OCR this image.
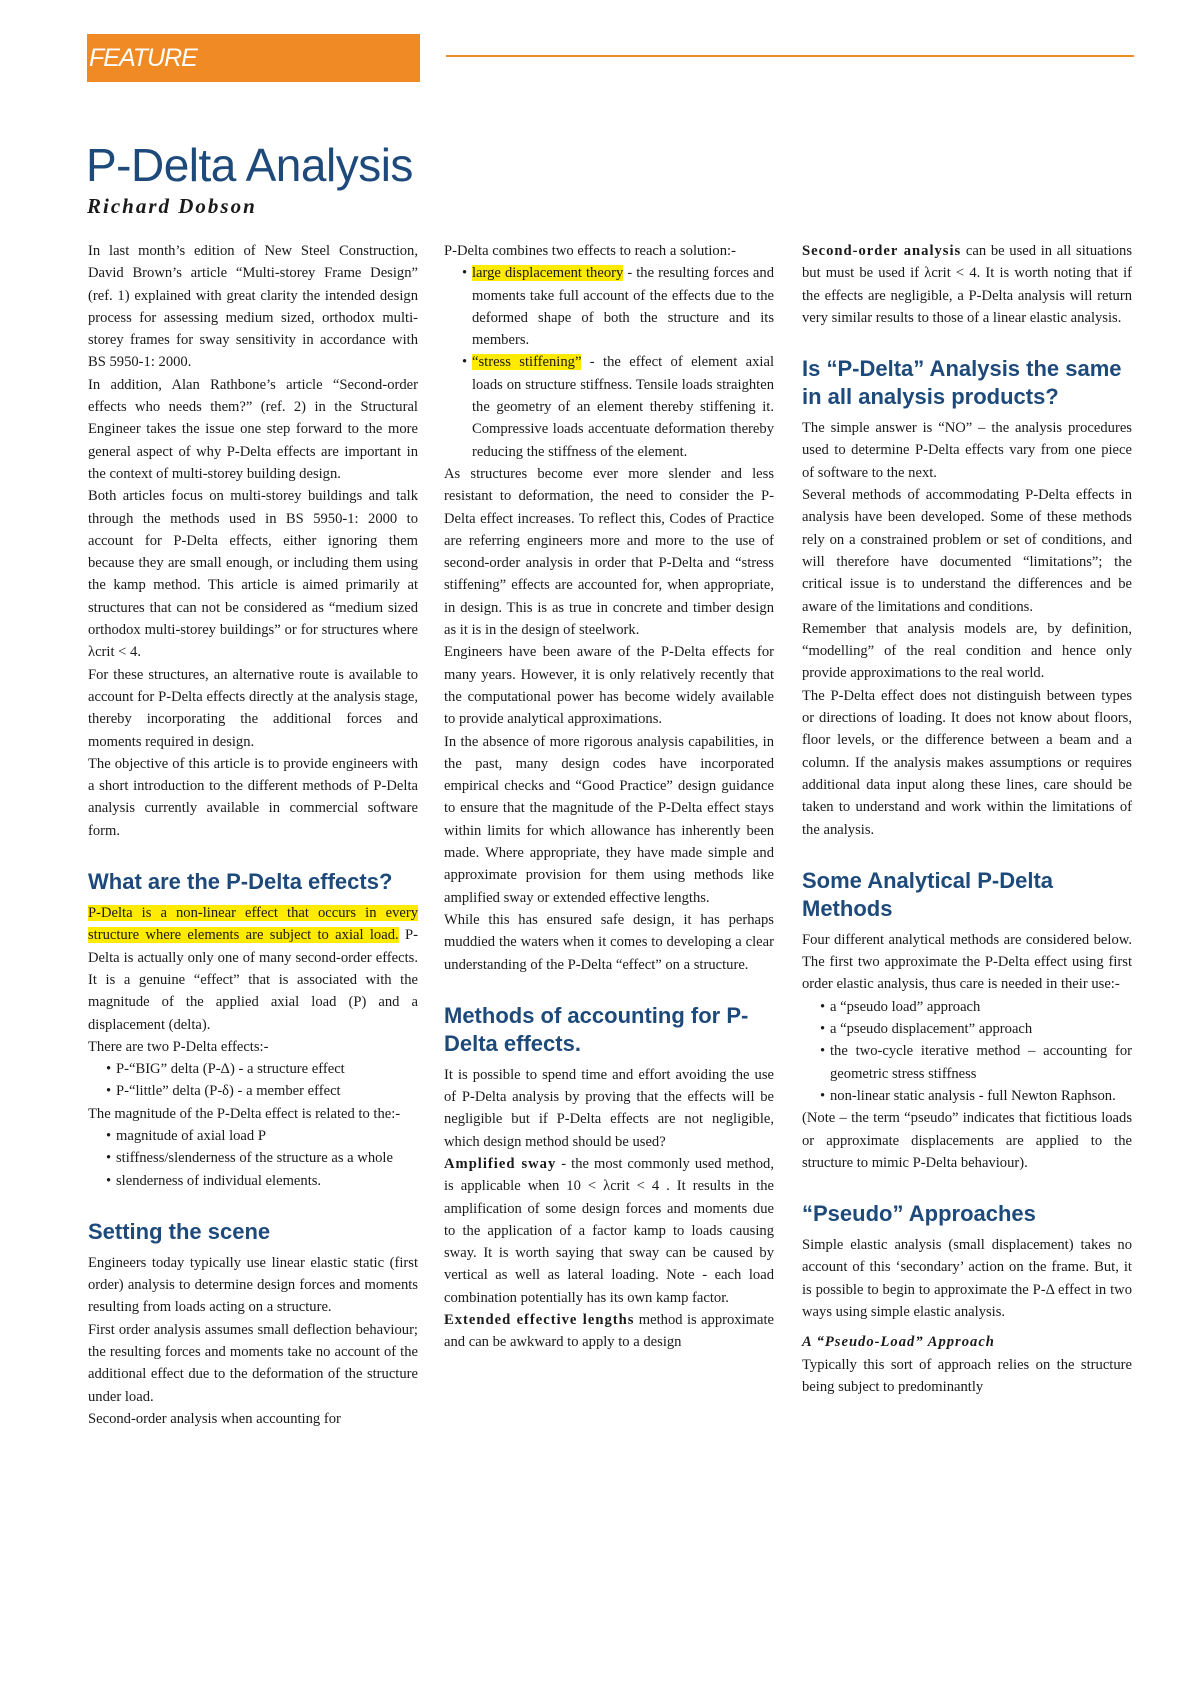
FEATURE
P-Delta Analysis
Richard Dobson

In last month’s edition of New Steel Construction, David Brown’s article “Multi-storey Frame Design” (ref. 1) explained with great clarity the intended design process for assessing medium sized, orthodox multi-storey frames for sway sensitivity in accordance with BS 5950-1: 2000.

In addition, Alan Rathbone’s article “Second-order effects who needs them?” (ref. 2) in the Structural Engineer takes the issue one step forward to the more general aspect of why P-Delta effects are important in the context of multi-storey building design.

Both articles focus on multi-storey buildings and talk through the methods used in BS 5950-1: 2000 to account for P-Delta effects, either ignoring them because they are small enough, or including them using the kamp method. This article is aimed primarily at structures that can not be considered as “medium sized orthodox multi-storey buildings” or for structures where λcrit < 4.

For these structures, an alternative route is available to account for P-Delta effects directly at the analysis stage, thereby incorporating the additional forces and moments required in design.

The objective of this article is to provide engineers with a short introduction to the different methods of P-Delta analysis currently available in commercial software form.

What are the P-Delta effects?

P-Delta is a non-linear effect that occurs in every structure where elements are subject to axial load. P-Delta is actually only one of many second-order effects. It is a genuine “effect” that is associated with the magnitude of the applied axial load (P) and a displacement (delta).

There are two P-Delta effects:-

• P-“BIG” delta (P-Δ) - a structure effect
• P-“little” delta (P-δ) - a member effect

The magnitude of the P-Delta effect is related to the:-

• magnitude of axial load P
• stiffness/slenderness of the structure as a whole
• slenderness of individual elements.
Setting the scene

Engineers today typically use linear elastic static (first order) analysis to determine design forces and moments resulting from loads acting on a structure.

First order analysis assumes small deflection behaviour; the resulting forces and moments take no account of the additional effect due to the deformation of the structure under load.

Second-order analysis when accounting for

P-Delta combines two effects to reach a solution:-

• large displacement theory - the resulting forces and moments take full account of the effects due to the deformed shape of both the structure and its members.
• “stress stiffening” - the effect of element axial loads on structure stiffness. Tensile loads straighten the geometry of an element thereby stiffening it. Compressive loads accentuate deformation thereby reducing the stiffness of the element.

As structures become ever more slender and less resistant to deformation, the need to consider the P-Delta effect increases. To reflect this, Codes of Practice are referring engineers more and more to the use of second-order analysis in order that P-Delta and “stress stiffening” effects are accounted for, when appropriate, in design. This is as true in concrete and timber design as it is in the design of steelwork.

Engineers have been aware of the P-Delta effects for many years. However, it is only relatively recently that the computational power has become widely available to provide analytical approximations.

In the absence of more rigorous analysis capabilities, in the past, many design codes have incorporated empirical checks and “Good Practice” design guidance to ensure that the magnitude of the P-Delta effect stays within limits for which allowance has inherently been made. Where appropriate, they have made simple and approximate provision for them using methods like amplified sway or extended effective lengths.

While this has ensured safe design, it has perhaps muddied the waters when it comes to developing a clear understanding of the P-Delta “effect” on a structure.

Methods of accounting for P-Delta effects.

It is possible to spend time and effort avoiding the use of P-Delta analysis by proving that the effects will be negligible but if P-Delta effects are not negligible, which design method should be used?

Amplified sway - the most commonly used method, is applicable when 10 < λcrit < 4 . It results in the amplification of some design forces and moments due to the application of a factor kamp to loads causing sway. It is worth saying that sway can be caused by vertical as well as lateral loading. Note - each load combination potentially has its own kamp factor.

Extended effective lengths method is approximate and can be awkward to apply to a design

Second-order analysis can be used in all situations but must be used if λcrit < 4. It is worth noting that if the effects are negligible, a P-Delta analysis will return very similar results to those of a linear elastic analysis.

Is “P-Delta” Analysis the same in all analysis products?

The simple answer is “NO” – the analysis procedures used to determine P-Delta effects vary from one piece of software to the next.

Several methods of accommodating P-Delta effects in analysis have been developed. Some of these methods rely on a constrained problem or set of conditions, and will therefore have documented “limitations”; the critical issue is to understand the differences and be aware of the limitations and conditions.

Remember that analysis models are, by definition, “modelling” of the real condition and hence only provide approximations to the real world.

The P-Delta effect does not distinguish between types or directions of loading. It does not know about floors, floor levels, or the difference between a beam and a column. If the analysis makes assumptions or requires additional data input along these lines, care should be taken to understand and work within the limitations of the analysis.

Some Analytical P-Delta Methods

Four different analytical methods are considered below. The first two approximate the P-Delta effect using first order elastic analysis, thus care is needed in their use:-

• a “pseudo load” approach
• a “pseudo displacement” approach
• the two-cycle iterative method – accounting for geometric stress stiffness
• non-linear static analysis - full Newton Raphson.

(Note – the term “pseudo” indicates that fictitious loads or approximate displacements are applied to the structure to mimic P-Delta behaviour).

“Pseudo” Approaches

Simple elastic analysis (small displacement) takes no account of this ‘secondary’ action on the frame. But, it is possible to begin to approximate the P-Δ effect in two ways using simple elastic analysis.

A “Pseudo-Load” Approach

Typically this sort of approach relies on the structure being subject to predominantly
